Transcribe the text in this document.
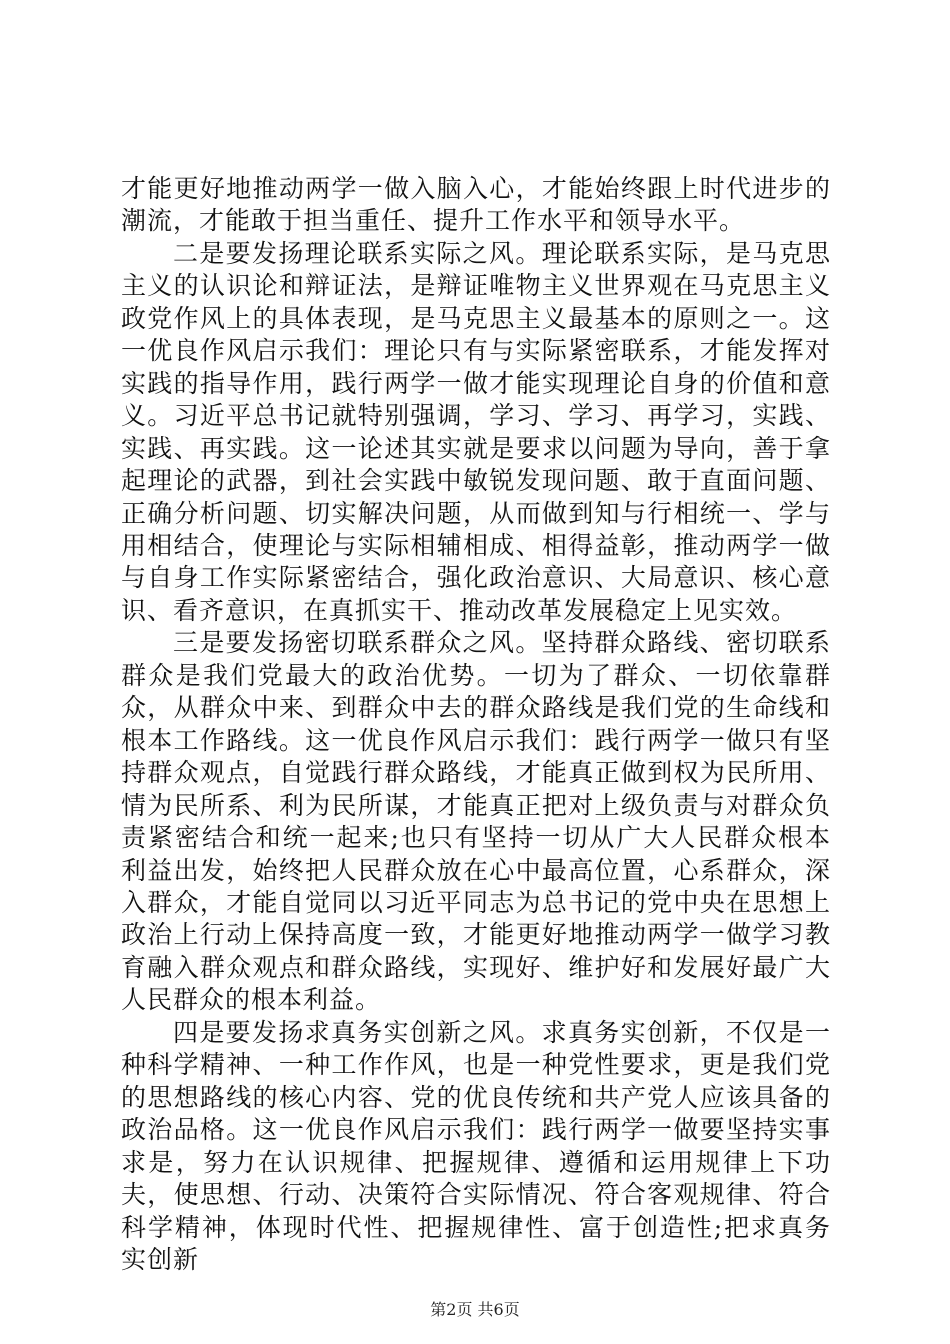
才能更好地推动两学一做入脑入心，才能始终跟上时代进步的潮流，才能敢于担当重任、提升工作水平和领导水平。

二是要发扬理论联系实际之风。理论联系实际，是马克思主义的认识论和辩证法，是辩证唯物主义世界观在马克思主义政党作风上的具体表现，是马克思主义最基本的原则之一。这一优良作风启示我们：理论只有与实际紧密联系，才能发挥对实践的指导作用，践行两学一做才能实现理论自身的价值和意义。习近平总书记就特别强调，学习、学习、再学习，实践、实践、再实践。这一论述其实就是要求以问题为导向，善于拿起理论的武器，到社会实践中敏锐发现问题、敢于直面问题、正确分析问题、切实解决问题，从而做到知与行相统一、学与用相结合，使理论与实际相辅相成、相得益彰，推动两学一做与自身工作实际紧密结合，强化政治意识、大局意识、核心意识、看齐意识，在真抓实干、推动改革发展稳定上见实效。

三是要发扬密切联系群众之风。坚持群众路线、密切联系群众是我们党最大的政治优势。一切为了群众、一切依靠群众，从群众中来、到群众中去的群众路线是我们党的生命线和根本工作路线。这一优良作风启示我们：践行两学一做只有坚持群众观点，自觉践行群众路线，才能真正做到权为民所用、情为民所系、利为民所谋，才能真正把对上级负责与对群众负责紧密结合和统一起来;也只有坚持一切从广大人民群众根本利益出发，始终把人民群众放在心中最高位置，心系群众，深入群众，才能自觉同以习近平同志为总书记的党中央在思想上政治上行动上保持高度一致，才能更好地推动两学一做学习教育融入群众观点和群众路线，实现好、维护好和发展好最广大人民群众的根本利益。

四是要发扬求真务实创新之风。求真务实创新，不仅是一种科学精神、一种工作作风，也是一种党性要求，更是我们党的思想路线的核心内容、党的优良传统和共产党人应该具备的政治品格。这一优良作风启示我们：践行两学一做要坚持实事求是，努力在认识规律、把握规律、遵循和运用规律上下功夫，使思想、行动、决策符合实际情况、符合客观规律、符合科学精神，体现时代性、把握规律性、富于创造性;把求真务实创新

第2页 共6页
